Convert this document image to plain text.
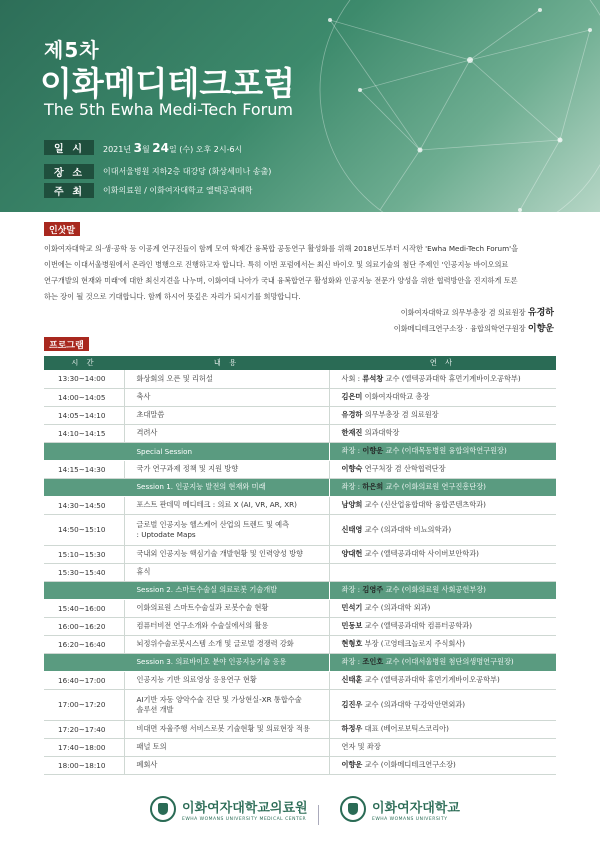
제5차
이화메디테크포럼
The 5th Ewha Medi-Tech Forum
일 시 2021년 3월 24일 (수) 오후 2시-6시
장 소 이대서울병원 지하2층 대강당 (화상세미나 송출)
주 최 이화의료원 / 이화여자대학교 엘텍공과대학
인삿말
이화여자대학교 의·생·공학 등 이공계 연구진들이 함께 모여 학제간 융복합 공동연구 활성화를 위해 2018년도부터 시작한 'Ewha Medi-Tech Forum'을
이번에는 이대서울병원에서 온라인 병행으로 진행하고자 합니다. 특히 이번 포럼에서는 최신 바이오 및 의료기술의 첨단 주제인 '인공지능 바이오의료
연구개발의 현재와 미래'에 대한 최신지견을 나누며, 이화여대 나아가 국내 융복합연구 활성화와 인공지능 전문가 양성을 위한 협력방안을 진지하게 토론
하는 장이 될 것으로 기대합니다. 함께 하시어 뜻깊은 자리가 되시기를 희망합니다.
이화여자대학교 의무부총장 겸 의료원장 유경하
이화메디테크연구소장 · 융합의학연구원장 이향운
프로그램
시 간	내 용	연 사
13:30~14:00	화상회의 오픈 및 리허설	사회 : 류석창 교수 (엘텍공과대학 휴먼기계바이오공학부)
14:00~14:05	축사	김은미 이화여자대학교 총장
14:05~14:10	초대말씀	유경하 의무부총장 겸 의료원장
14:10~14:15	격려사	한재진 의과대학장
	Special Session	좌장 : 이향운 교수 (이대목동병원 융합의학연구원장)
14:15~14:30	국가 연구과제 정책 및 지원 방향	이향숙 연구처장 겸 산학협력단장
	Session 1. 인공지능 발전의 현재와 미래	좌장 : 하은희 교수 (이화의료원 연구진흥단장)
14:30~14:50	포스트 판데믹 메디테크 : 의료 X (AI, VR, AR, XR)	남양희 교수 (신산업융합대학 융합콘텐츠학과)
14:50~15:10	글로벌 인공지능 헬스케어 산업의 트렌드 및 예측
: Uptodate Maps	신태영 교수 (의과대학 비뇨의학과)
15:10~15:30	국내외 인공지능 핵심기술 개발현황 및 인력양성 방향	양대헌 교수 (엘텍공과대학 사이버보안학과)
15:30~15:40	휴식	
	Session 2. 스마트수술실 의료로봇 기술개발	좌장 : 김영주 교수 (이화의료원 사회공헌부장)
15:40~16:00	이화의료원 스마트수술실과 로봇수술 현황	민석기 교수 (의과대학 외과)
16:00~16:20	컴퓨터비전 연구소개와 수술실에서의 활용	민동보 교수 (엘텍공과대학 컴퓨터공학과)
16:20~16:40	뇌정위수술로봇시스템 소개 및 글로벌 경쟁력 강화	현형호 부장 (고영테크놀로지 주식회사)
	Session 3. 의료바이오 분야 인공지능기술 응용	좌장 : 조인호 교수 (이대서울병원 첨단의생명연구원장)
16:40~17:00	인공지능 기반 의료영상 응용연구 현황	신태훈 교수 (엘텍공과대학 휴먼기계바이오공학부)
17:00~17:20	AI기반 자동 양악수술 진단 및 가상현실-XR 통합수술
솔루션 개발	김진우 교수 (의과대학 구강악안면외과)
17:20~17:40	비대면 자율주행 서비스로봇 기술현황 및 의료현장 적용	하정우 대표 (베어로보틱스코리아)
17:40~18:00	패널 토의	연자 및 좌장
18:00~18:10	폐회사	이향운 교수 (이화메디테크연구소장)
이화여자대학교의료원
EWHA WOMANS UNIVERSITY MEDICAL CENTER
이화여자대학교
EWHA WOMANS UNIVERSITY
